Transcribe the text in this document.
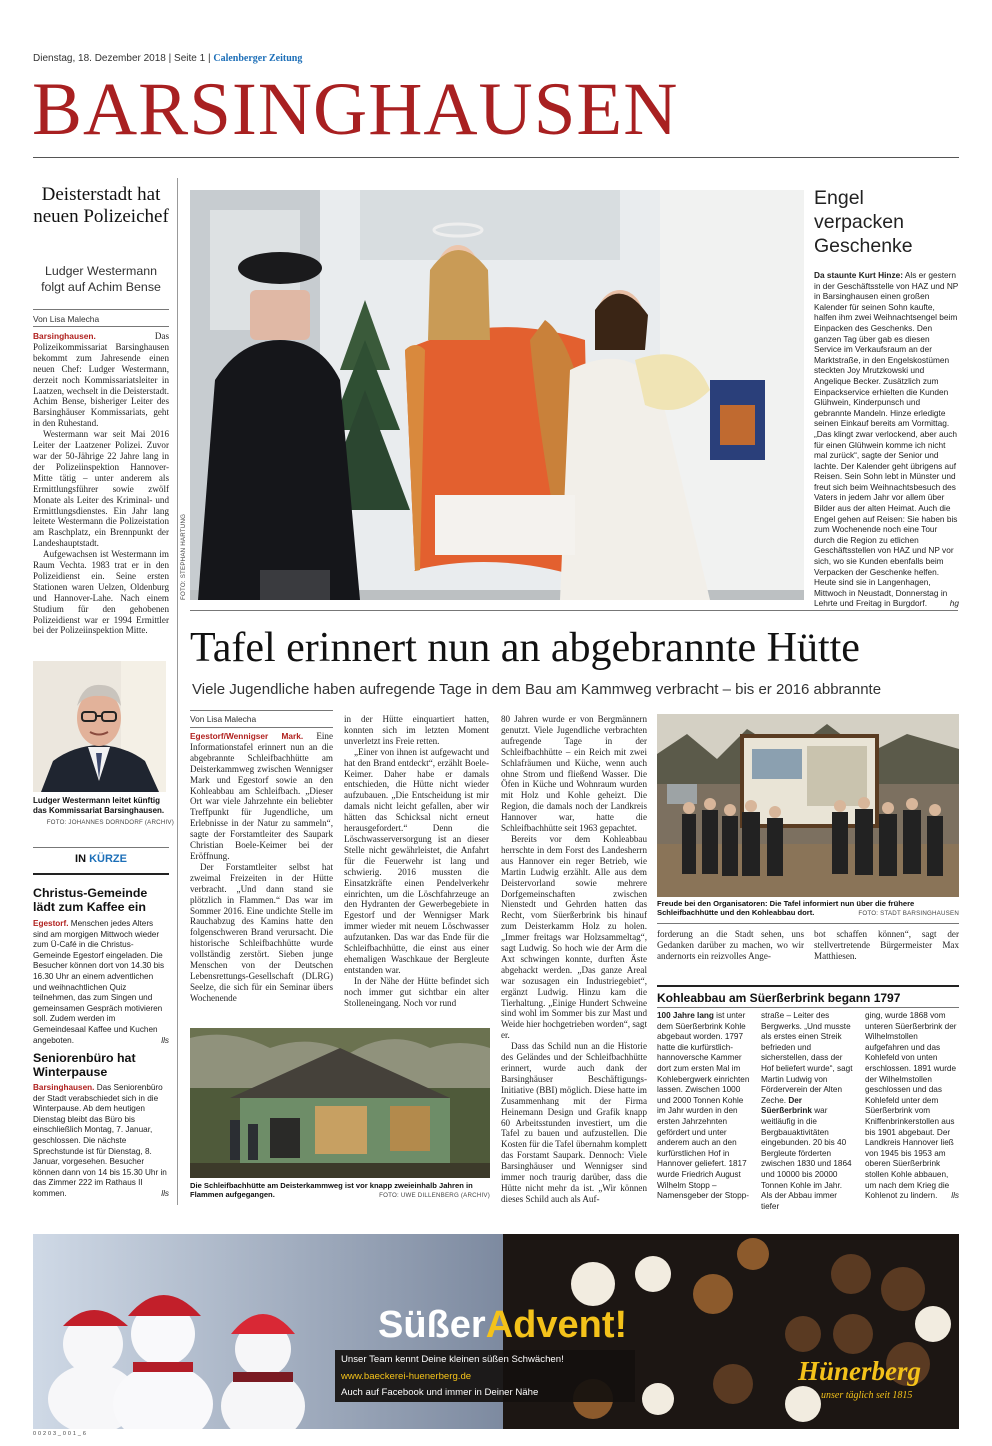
Dienstag, 18. Dezember 2018 | Seite 1 | Calenberger Zeitung
BARSINGHAUSEN
Deisterstadt hat neuen Polizeichef
Ludger Westermann folgt auf Achim Bense
Von Lisa Malecha

Barsinghausen.	Das Polizeikommissariat Barsinghausen bekommt zum Jahresende einen neuen Chef: Ludger Westermann, derzeit noch Kommissariatsleiter in Laatzen, wechselt in die Deisterstadt. Achim Bense, bisheriger Leiter des Barsinghäuser Kommissariats, geht in den Ruhestand.

Westermann war seit Mai 2016 Leiter der Laatzener Polizei. Zuvor war der 50-Jährige 22 Jahre lang in der Polizeiinspektion Hannover-Mitte tätig – unter anderem als Ermittlungsführer sowie zwölf Monate als Leiter des Kriminal- und Ermittlungsdienstes. Ein Jahr lang leitete Westermann die Polizeistation am Raschplatz, ein Brennpunkt der Landeshauptstadt.

Aufgewachsen ist Westermann im Raum Vechta. 1983 trat er in den Polizeidienst ein. Seine ersten Stationen waren Uelzen, Oldenburg und Hannover-Lahe. Nach einem Studium für den gehobenen Polizeidienst war er 1994 Ermittler bei der Polizeiinspektion Mitte.

Ludger Westermann leitet künftig das Kommissariat Barsinghausen.
FOTO: JOHANNES DORNDORF (ARCHIV)
IN KÜRZE
Christus-Gemeinde lädt zum Kaffee ein
Egestorf. Menschen jedes Alters sind am morgigen Mittwoch wieder zum Ü-Café in die Christus-Gemeinde Egestorf eingeladen. Die Besucher können dort von 14.30 bis 16.30 Uhr an einem adventlichen und weihnachtlichen Quiz teilnehmen, das zum Singen und gemeinsamen Gespräch motivieren soll. Zudem werden im Gemeindesaal Kaffee und Kuchen angeboten.	lls
Seniorenbüro hat Winterpause
Barsinghausen. Das Seniorenbüro der Stadt verabschiedet sich in die Winterpause. Ab dem heutigen Dienstag bleibt das Büro bis einschließlich Montag, 7. Januar, geschlossen. Die nächste Sprechstunde ist für Dienstag, 8. Januar, vorgesehen. Besucher können dann von 14 bis 15.30 Uhr in das Zimmer 222 im Rathaus II kommen.	lls
FOTO: STEPHAN HARTUNG
Engel verpacken Geschenke
Da staunte Kurt Hinze: Als er gestern in der Geschäftsstelle von HAZ und NP in Barsinghausen einen großen Kalender für seinen Sohn kaufte, halfen ihm zwei Weihnachtsengel beim Einpacken des Geschenks. Den ganzen Tag über gab es diesen Service im Verkaufsraum an der Marktstraße, in den Engelskostümen steckten Joy Mrutzkowski und Angelique Becker. Zusätzlich zum Einpackservice erhielten die Kunden Glühwein, Kinderpunsch und gebrannte Mandeln. Hinze erledigte seinen Einkauf bereits am Vormittag. „Das klingt zwar verlockend, aber auch für einen Glühwein komme ich nicht mal zurück“, sagte der Senior und lachte. Der Kalender geht übrigens auf Reisen. Sein Sohn lebt in Münster und freut sich beim Weihnachtsbesuch des Vaters in jedem Jahr vor allem über Bilder aus der alten Heimat. Auch die Engel gehen auf Reisen: Sie haben bis zum Wochenende noch eine Tour durch die Region zu etlichen Geschäftsstellen von HAZ und NP vor sich, wo sie Kunden ebenfalls beim Verpacken der Geschenke helfen. Heute sind sie in Langenhagen, Mittwoch in Neustadt, Donnerstag in Lehrte und Freitag in Burgdorf.	hg
Tafel erinnert nun an abgebrannte Hütte
Viele Jugendliche haben aufregende Tage in dem Bau am Kammweg verbracht – bis er 2016 abbrannte
Von Lisa Malecha

Egestorf/Wennigser Mark. Eine Informationstafel erinnert nun an die abgebrannte Schleifbachhütte am Deisterkammweg zwischen Wennigser Mark und Egestorf sowie an den Kohleabbau am Schleifbach. „Dieser Ort war viele Jahrzehnte ein beliebter Treffpunkt für Jugendliche, um Erlebnisse in der Natur zu sammeln“, sagte der Forstamtleiter des Saupark Christian Boele-Keimer bei der Eröffnung.

Der Forstamtleiter selbst hat zweimal Freizeiten in der Hütte verbracht. „Und dann stand sie plötzlich in Flammen.“ Das war im Sommer 2016. Eine undichte Stelle im Rauchabzug des Kamins hatte den folgenschweren Brand verursacht. Die historische Schleifbachhütte wurde vollständig zerstört. Sieben junge Menschen von der Deutschen Lebensrettungs-Gesellschaft (DLRG) Seelze, die sich für ein Seminar übers Wochenende

in der Hütte einquartiert hatten, konnten sich im letzten Moment unverletzt ins Freie retten.

„Einer von ihnen ist aufgewacht und hat den Brand entdeckt“, erzählt Boele-Keimer. Daher habe er damals entschieden, die Hütte nicht wieder aufzubauen. „Die Entscheidung ist mir damals nicht leicht gefallen, aber wir hätten das Schicksal nicht erneut herausgefordert.“ Denn die Löschwasserversorgung ist an dieser Stelle nicht gewährleistet, die Anfahrt für die Feuerwehr ist lang und schwierig. 2016 mussten die Einsatzkräfte einen Pendelverkehr einrichten, um die Löschfahrzeuge an den Hydranten der Gewerbegebiete in Egestorf und der Wennigser Mark immer wieder mit neuem Löschwasser aufzutanken. Das war das Ende für die Schleifbachhütte, die einst aus einer ehemaligen Waschkaue der Bergleute entstanden war.

In der Nähe der Hütte befindet sich noch immer gut sichtbar ein alter Stolleneingang. Noch vor rund

80 Jahren wurde er von Bergmännern genutzt. Viele Jugendliche verbrachten aufregende Tage in der Schleifbachhütte – ein Reich mit zwei Schlafräumen und Küche, wenn auch ohne Strom und fließend Wasser. Die Öfen in Küche und Wohnraum wurden mit Holz und Kohle geheizt. Die Region, die damals noch der Landkreis Hannover war, hatte die Schleifbachhütte seit 1963 gepachtet.

Bereits vor dem Kohleabbau herrschte in dem Forst des Landesherrn aus Hannover ein reger Betrieb, wie Martin Ludwig erzählt. Alle aus dem Deistervorland sowie mehrere Dorfgemeinschaften zwischen Nienstedt und Gehrden hatten das Recht, vom Süerßerbrink bis hinauf zum Deisterkamm Holz zu holen. „Immer freitags war Holzsammeltag“, sagt Ludwig. So hoch wie der Arm die Axt schwingen konnte, durften Äste abgehackt werden. „Das ganze Areal war sozusagen ein Industriegebiet“, ergänzt Ludwig. Hinzu kam die Tierhaltung. „Einige Hundert Schweine sind wohl im Sommer bis zur Mast und Weide hier hochgetrieben worden“, sagt er.

Dass das Schild nun an die Historie des Geländes und der Schleifbachhütte erinnert, wurde auch dank der Barsinghäuser Beschäftigungs-Initiative (BBI) möglich. Diese hatte im Zusammenhang mit der Firma Heinemann Design und Grafik knapp 60 Arbeitsstunden investiert, um die Tafel zu bauen und aufzustellen. Die Kosten für die Tafel übernahm komplett das Forstamt Saupark. Dennoch: Viele Barsinghäuser und Wennigser sind immer noch traurig darüber, dass die Hütte nicht mehr da ist. „Wir können dieses Schild auch als Auf-

Freude bei den Organisatoren: Die Tafel informiert nun über die frühere Schleifbachhütte und den Kohleabbau dort.	FOTO: STADT BARSINGHAUSEN
forderung an die Stadt sehen, uns Gedanken darüber zu machen, wo wir andernorts ein reizvolles Ange-
bot schaffen können“, sagt der stellvertretende Bürgermeister Max Matthiesen.
Die Schleifbachhütte am Deisterkammweg ist vor knapp zweieinhalb Jahren in Flammen aufgegangen.	FOTO: UWE DILLENBERG (ARCHIV)
Kohleabbau am Süerßerbrink begann 1797
100 Jahre lang ist unter dem Süerßerbrink Kohle abgebaut worden. 1797 hatte die kurfürstlich-hannoversche Kammer dort zum ersten Mal im Kohlebergwerk einrichten lassen. Zwischen 1000 und 2000 Tonnen Kohle im Jahr wurden in den ersten Jahrzehnten gefördert und unter anderem auch an den kurfürstlichen Hof in Hannover geliefert. 1817 wurde Friedrich August Wilhelm Stopp – Namensgeber der Stopp-
straße – Leiter des Bergwerks. „Und musste als erstes einen Streik befrieden und sicherstellen, dass der Hof beliefert wurde“, sagt Martin Ludwig von Förderverein der Alten Zeche. Der Süerßerbrink war weitläufig in die Bergbauaktivitäten eingebunden. 20 bis 40 Bergleute förderten zwischen 1830 und 1864 und 10000 bis 20000 Tonnen Kohle im Jahr. Als der Abbau immer tiefer
ging, wurde 1868 vom unteren Süerßerbrink der Wilhelmstollen aufgefahren und das Kohlefeld von unten erschlossen. 1891 wurde der Wilhelmstollen geschlossen und das Kohlefeld unter dem Süerßerbrink vom Kniffenbrinkerstollen aus bis 1901 abgebaut. Der Landkreis Hannover ließ von 1945 bis 1953 am oberen Süerßerbrink stollen Kohle abbauen, um nach dem Krieg die Kohlenot zu lindern. lls
SüßerAdvent!
Unser Team kennt Deine kleinen süßen Schwächen!
www.baeckerei-huenerberg.de
Auch auf Facebook und immer in Deiner Nähe
Hünerberg
unser täglich seit 1815
0 0 2 0 3 _ 0 0 1 _ 6
